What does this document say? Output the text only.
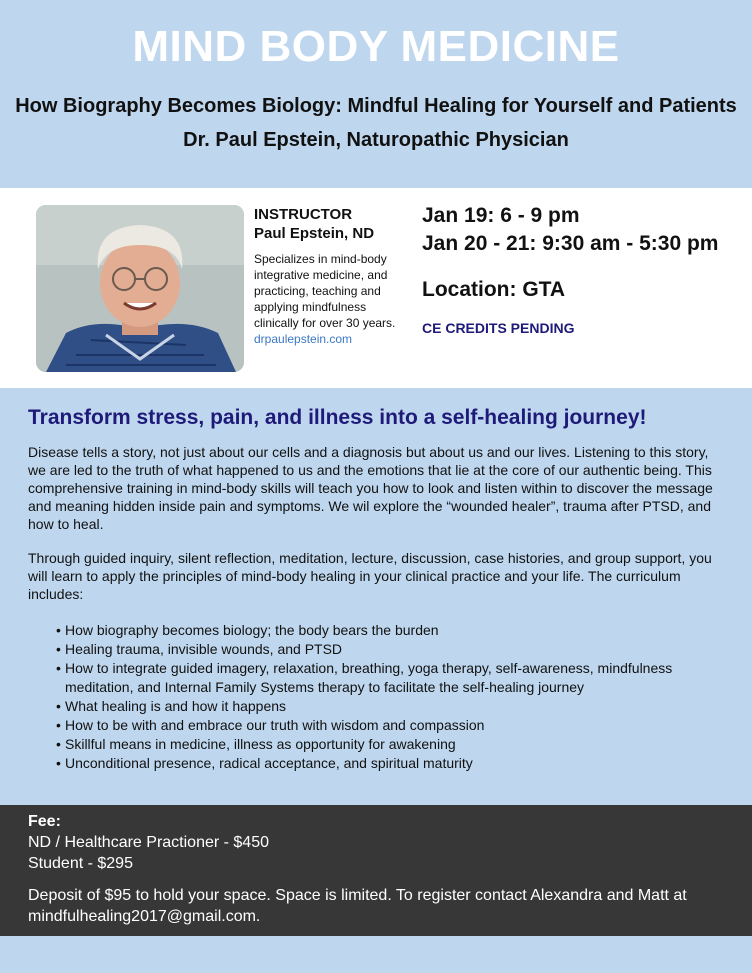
MIND BODY MEDICINE
How Biography Becomes Biology: Mindful Healing for Yourself and Patients
Dr. Paul Epstein, Naturopathic Physician
INSTRUCTOR
Paul Epstein, ND
Specializes in mind-body integrative medicine, and practicing, teaching and applying mindfulness clinically for over 30 years.
drpaulepstein.com
Jan 19: 6 - 9 pm
Jan 20 - 21: 9:30 am - 5:30 pm
Location: GTA
CE CREDITS PENDING
Transform stress, pain, and illness into a self-healing journey!

Disease tells a story, not just about our cells and a diagnosis but about us and our lives. Listening to this story, we are led to the truth of what happened to us and the emotions that lie at the core of our authentic being. This comprehensive training in mind-body skills will teach you how to look and listen within to discover the message and meaning hidden inside pain and symptoms. We wil explore the “wounded healer”, trauma after PTSD, and how to heal.

Through guided inquiry, silent reflection, meditation, lecture, discussion, case histories, and group support, you will learn to apply the principles of mind-body healing in your clinical practice and your life. The curriculum includes:

• How biography becomes biology; the body bears the burden
• Healing trauma, invisible wounds, and PTSD
• How to integrate guided imagery, relaxation, breathing, yoga therapy, self-awareness, mindfulness meditation, and Internal Family Systems therapy to facilitate the self-healing journey
• What healing is and how it happens
• How to be with and embrace our truth with wisdom and compassion
• Skillful means in medicine, illness as opportunity for awakening
• Unconditional presence, radical acceptance, and spiritual maturity
Fee:
ND / Healthcare Practioner - $450
Student - $295
Deposit of $95 to hold your space. Space is limited. To register contact Alexandra and Matt at mindfulhealing2017@gmail.com.
